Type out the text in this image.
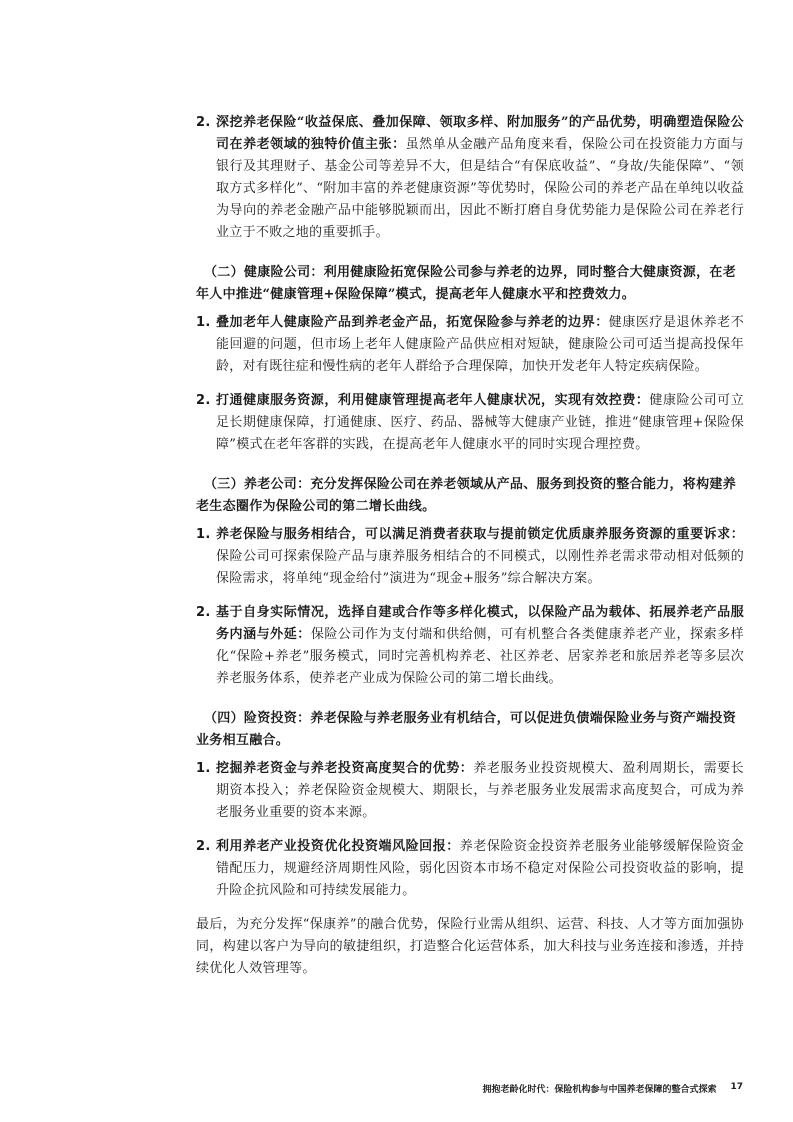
2. 深挖养老保险“收益保底、叠加保障、领取多样、附加服务”的产品优势，明确塑造保险公司在养老领域的独特价值主张：虽然单从金融产品角度来看，保险公司在投资能力方面与银行及其理财子、基金公司等差异不大，但是结合“有保底收益”、“身故/失能保障”、“领取方式多样化”、“附加丰富的养老健康资源”等优势时，保险公司的养老产品在单纯以收益为导向的养老金融产品中能够脱颖而出，因此不断打磨自身优势能力是保险公司在养老行业立于不败之地的重要抓手。
（二）健康险公司：利用健康险拓宽保险公司参与养老的边界，同时整合大健康资源，在老年人中推进“健康管理+保险保障”模式，提高老年人健康水平和控费效力。
1. 叠加老年人健康险产品到养老金产品，拓宽保险参与养老的边界：健康医疗是退休养老不能回避的问题，但市场上老年人健康险产品供应相对短缺，健康险公司可适当提高投保年龄，对有既往症和慢性病的老年人群给予合理保障，加快开发老年人特定疾病保险。
2. 打通健康服务资源，利用健康管理提高老年人健康状况，实现有效控费：健康险公司可立足长期健康保障，打通健康、医疗、药品、器械等大健康产业链，推进“健康管理+保险保障”模式在老年客群的实践，在提高老年人健康水平的同时实现合理控费。
（三）养老公司：充分发挥保险公司在养老领域从产品、服务到投资的整合能力，将构建养老生态圈作为保险公司的第二增长曲线。
1. 养老保险与服务相结合，可以满足消费者获取与提前锁定优质康养服务资源的重要诉求：保险公司可探索保险产品与康养服务相结合的不同模式，以刚性养老需求带动相对低频的保险需求，将单纯“现金给付”演进为“现金+服务”综合解决方案。
2. 基于自身实际情况，选择自建或合作等多样化模式，以保险产品为载体、拓展养老产品服务内涵与外延：保险公司作为支付端和供给侧，可有机整合各类健康养老产业，探索多样化“保险+养老”服务模式，同时完善机构养老、社区养老、居家养老和旅居养老等多层次养老服务体系，使养老产业成为保险公司的第二增长曲线。
（四）险资投资：养老保险与养老服务业有机结合，可以促进负债端保险业务与资产端投资业务相互融合。
1. 挖掘养老资金与养老投资高度契合的优势：养老服务业投资规模大、盈利周期长，需要长期资本投入；养老保险资金规模大、期限长，与养老服务业发展需求高度契合，可成为养老服务业重要的资本来源。
2. 利用养老产业投资优化投资端风险回报：养老保险资金投资养老服务业能够缓解保险资金错配压力，规避经济周期性风险，弱化因资本市场不稳定对保险公司投资收益的影响，提升险企抗风险和可持续发展能力。
最后，为充分发挥“保康养”的融合优势，保险行业需从组织、运营、科技、人才等方面加强协同，构建以客户为导向的敏捷组织，打造整合化运营体系，加大科技与业务连接和渗透，并持续优化人效管理等。
拥抱老龄化时代：保险机构参与中国养老保障的整合式探索 17
